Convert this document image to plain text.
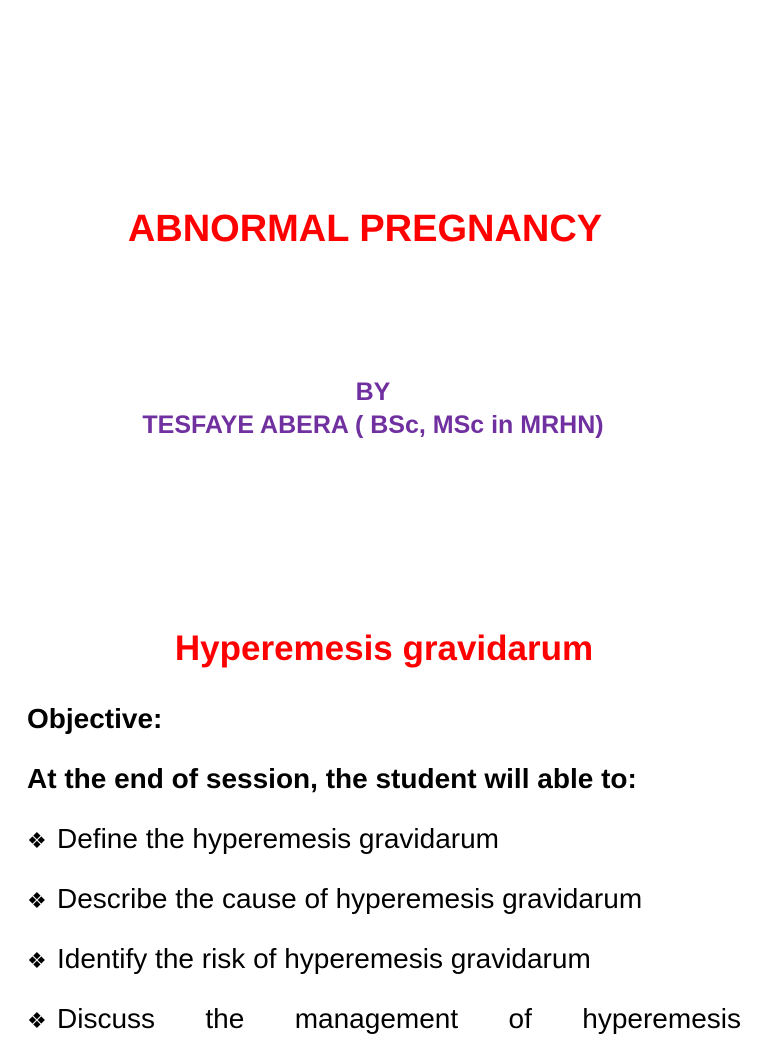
ABNORMAL PREGNANCY
BY
TESFAYE ABERA ( BSc, MSc in MRHN)
Hyperemesis gravidarum
Objective:
At the end of session, the student will able to:
❖ Define the hyperemesis gravidarum
❖ Describe the cause of hyperemesis gravidarum
❖ Identify the risk of hyperemesis gravidarum
❖ Discuss the management of hyperemesis
